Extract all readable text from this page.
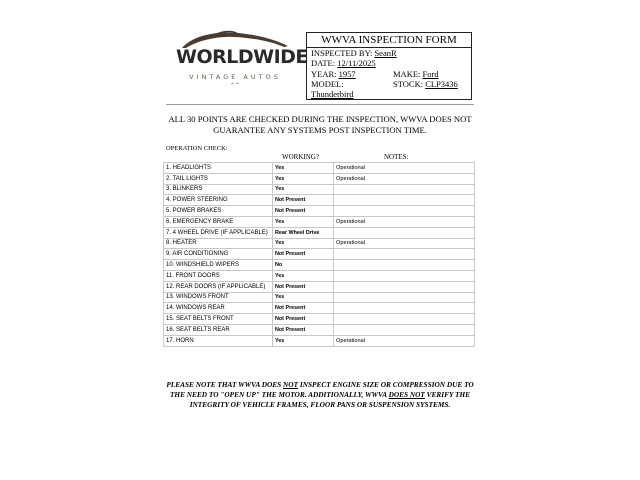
WORLDWIDE
VINTAGE AUTOS
⌃⌃
WWVA INSPECTION FORM
INSPECTED BY: SeanR
DATE: 12/11/2025
YEAR: 1957	MAKE: Ford
MODEL:	STOCK: CLP3436
Thunderbird
ALL 30 POINTS ARE CHECKED DURING THE INSPECTION, WWVA DOES NOT
GUARANTEE ANY SYSTEMS POST INSPECTION TIME.
OPERATION CHECK:
WORKING?	NOTES:
1. HEADLIGHTS	Yes	Operational
2. TAIL LIGHTS	Yes	Operational
3. BLINKERS	Yes	
4. POWER STEERING	Not Present	
5. POWER BRAKES	Not Present	
6. EMERGENCY BRAKE	Yes	Operational
7. 4 WHEEL DRIVE (IF APPLICABLE)	Rear Wheel Drive	
8. HEATER	Yes	Operational
9. AIR CONDITIONING	Not Present	
10. WINDSHIELD WIPERS	No	
11. FRONT DOORS	Yes	
12. REAR DOORS (IF APPLICABLE)	Not Present	
13. WINDOWS FRONT	Yes	
14. WINDOWS REAR	Not Present	
15. SEAT BELTS FRONT	Not Present	
16. SEAT BELTS REAR	Not Present	
17. HORN	Yes	Operational
PLEASE NOTE THAT WWVA DOES NOT INSPECT ENGINE SIZE OR COMPRESSION DUE TO THE NEED TO "OPEN UP" THE MOTOR. ADDITIONALLY, WWVA DOES NOT VERIFY THE INTEGRITY OF VEHICLE FRAMES, FLOOR PANS OR SUSPENSION SYSTEMS.
